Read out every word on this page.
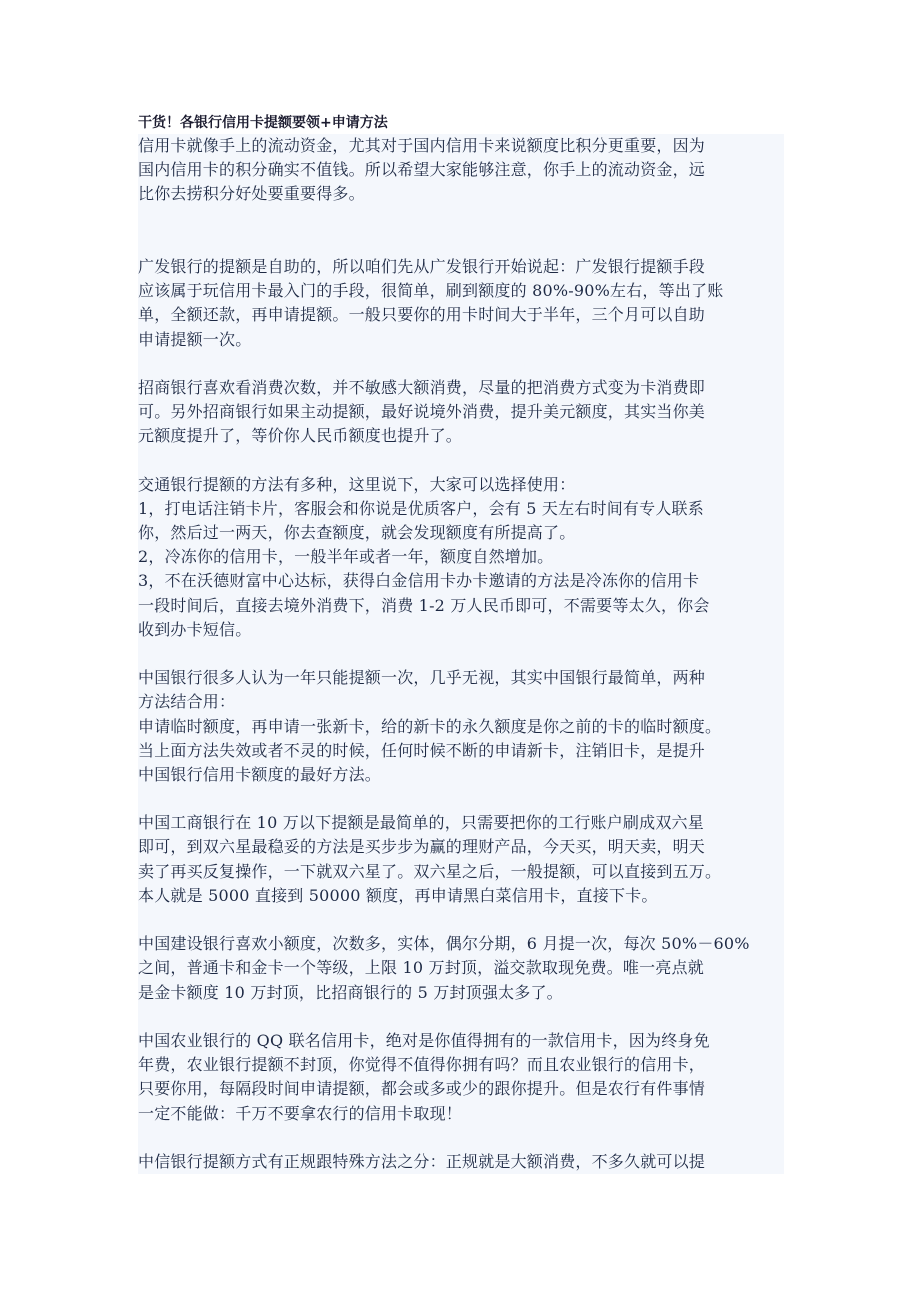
干货！各银行信用卡提额要领+申请方法
信用卡就像手上的流动资金，尤其对于国内信用卡来说额度比积分更重要，因为
国内信用卡的积分确实不值钱。所以希望大家能够注意，你手上的流动资金，远
比你去捞积分好处要重要得多。
广发银行的提额是自助的，所以咱们先从广发银行开始说起：广发银行提额手段
应该属于玩信用卡最入门的手段，很简单，刷到额度的 80%-90%左右，等出了账
单，全额还款，再申请提额。一般只要你的用卡时间大于半年，三个月可以自助
申请提额一次。
招商银行喜欢看消费次数，并不敏感大额消费，尽量的把消费方式变为卡消费即
可。另外招商银行如果主动提额，最好说境外消费，提升美元额度，其实当你美
元额度提升了，等价你人民币额度也提升了。
交通银行提额的方法有多种，这里说下，大家可以选择使用：
1，打电话注销卡片，客服会和你说是优质客户，会有 5 天左右时间有专人联系
你，然后过一两天，你去查额度，就会发现额度有所提高了。
2，冷冻你的信用卡，一般半年或者一年，额度自然增加。
3，不在沃德财富中心达标，获得白金信用卡办卡邀请的方法是冷冻你的信用卡
一段时间后，直接去境外消费下，消费 1-2 万人民币即可，不需要等太久，你会
收到办卡短信。
中国银行很多人认为一年只能提额一次，几乎无视，其实中国银行最简单，两种
方法结合用：
申请临时额度，再申请一张新卡，给的新卡的永久额度是你之前的卡的临时额度。
当上面方法失效或者不灵的时候，任何时候不断的申请新卡，注销旧卡，是提升
中国银行信用卡额度的最好方法。
中国工商银行在 10 万以下提额是最简单的，只需要把你的工行账户刷成双六星
即可，到双六星最稳妥的方法是买步步为赢的理财产品，今天买，明天卖，明天
卖了再买反复操作，一下就双六星了。双六星之后，一般提额，可以直接到五万。
本人就是 5000 直接到 50000 额度，再申请黑白菜信用卡，直接下卡。
中国建设银行喜欢小额度，次数多，实体，偶尔分期，6 月提一次，每次 50%－60%
之间，普通卡和金卡一个等级，上限 10 万封顶，溢交款取现免费。唯一亮点就
是金卡额度 10 万封顶，比招商银行的 5 万封顶强太多了。
中国农业银行的 QQ 联名信用卡，绝对是你值得拥有的一款信用卡，因为终身免
年费，农业银行提额不封顶，你觉得不值得你拥有吗？而且农业银行的信用卡，
只要你用，每隔段时间申请提额，都会或多或少的跟你提升。但是农行有件事情
一定不能做：千万不要拿农行的信用卡取现！
中信银行提额方式有正规跟特殊方法之分：正规就是大额消费，不多久就可以提
